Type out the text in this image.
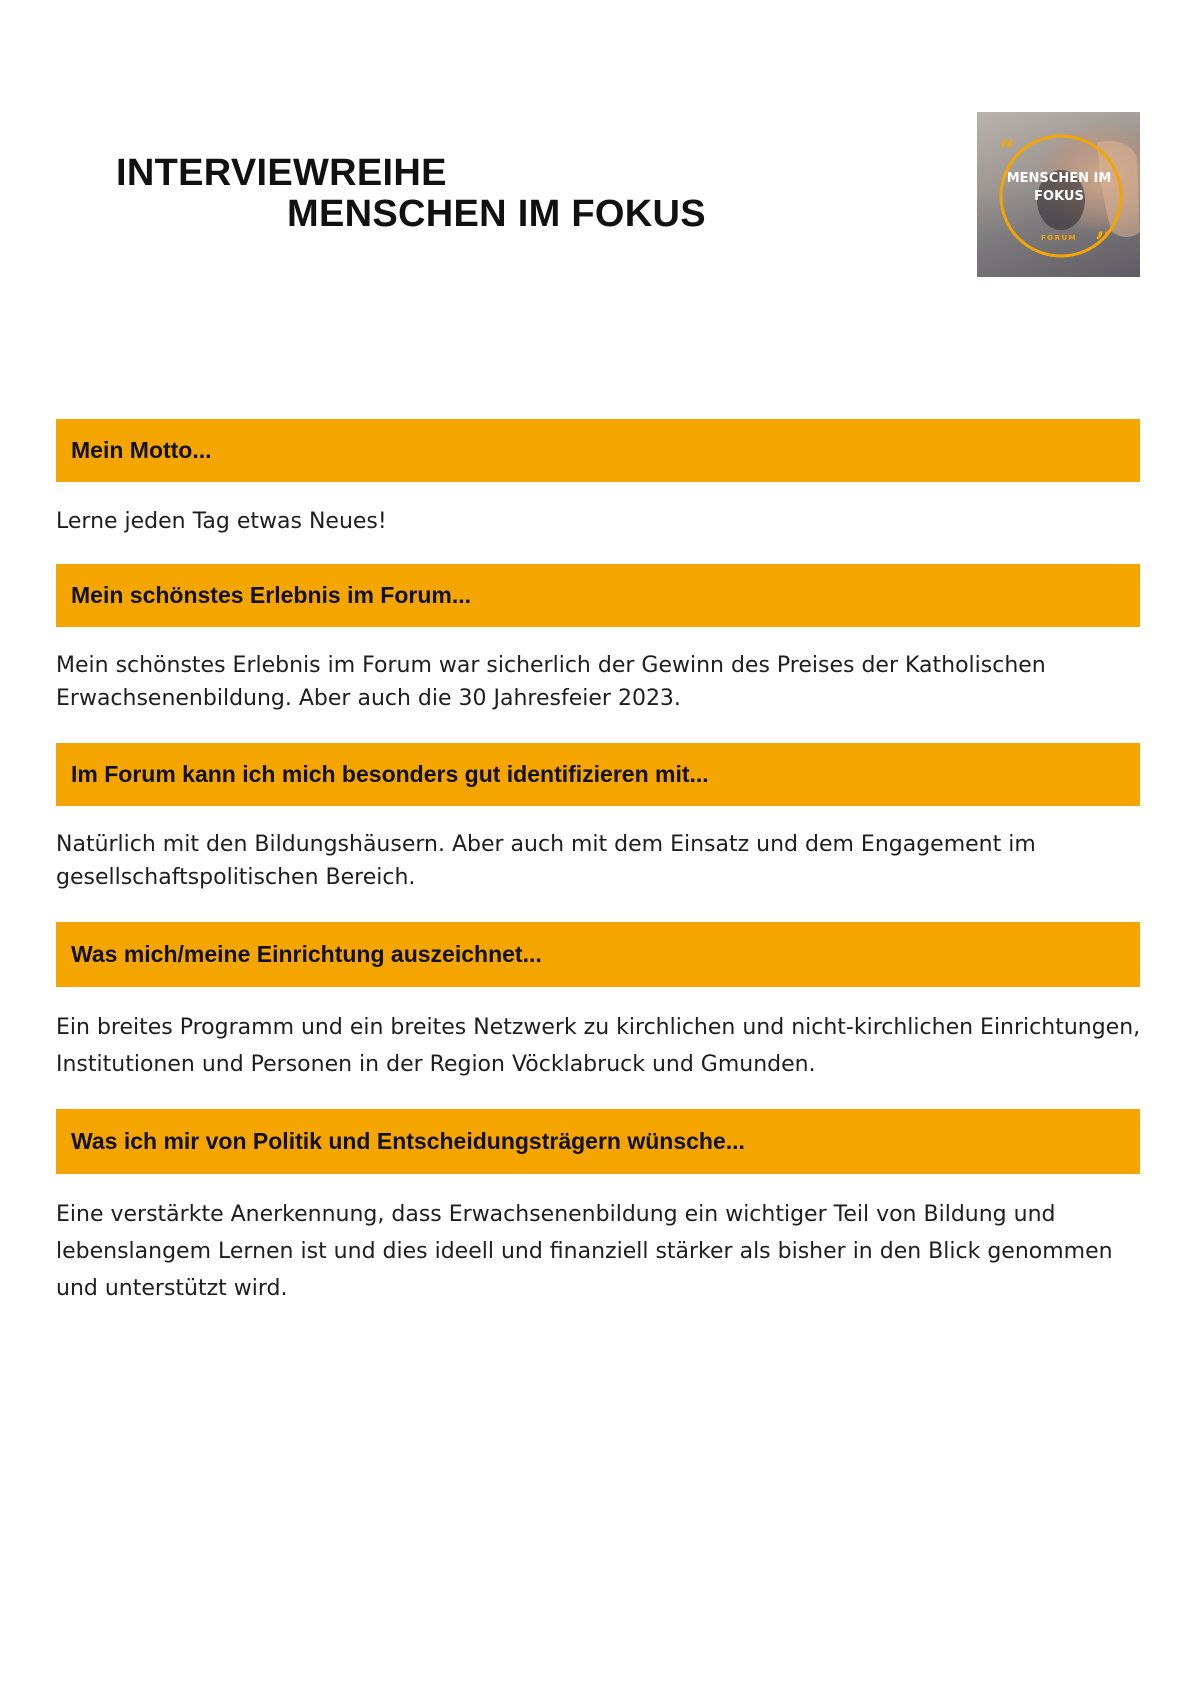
INTERVIEWREIHE
MENSCHEN IM FOKUS
“
”
MENSCHEN IM
FOKUS
FORUM
Mein Motto...

Lerne jeden Tag etwas Neues!

Mein schönstes Erlebnis im Forum...

Mein schönstes Erlebnis im Forum war sicherlich der Gewinn des Preises der Katholischen Erwachsenenbildung. Aber auch die 30 Jahresfeier 2023.

Im Forum kann ich mich besonders gut identifizieren mit...

Natürlich mit den Bildungshäusern. Aber auch mit dem Einsatz und dem Engagement im gesellschaftspolitischen Bereich.

Was mich/meine Einrichtung auszeichnet...

Ein breites Programm und ein breites Netzwerk zu kirchlichen und nicht-kirchlichen Einrichtungen, Institutionen und Personen in der Region Vöcklabruck und Gmunden.

Was ich mir von Politik und Entscheidungsträgern wünsche...

Eine verstärkte Anerkennung, dass Erwachsenenbildung ein wichtiger Teil von Bildung und lebenslangem Lernen ist und dies ideell und finanziell stärker als bisher in den Blick genommen und unterstützt wird.
